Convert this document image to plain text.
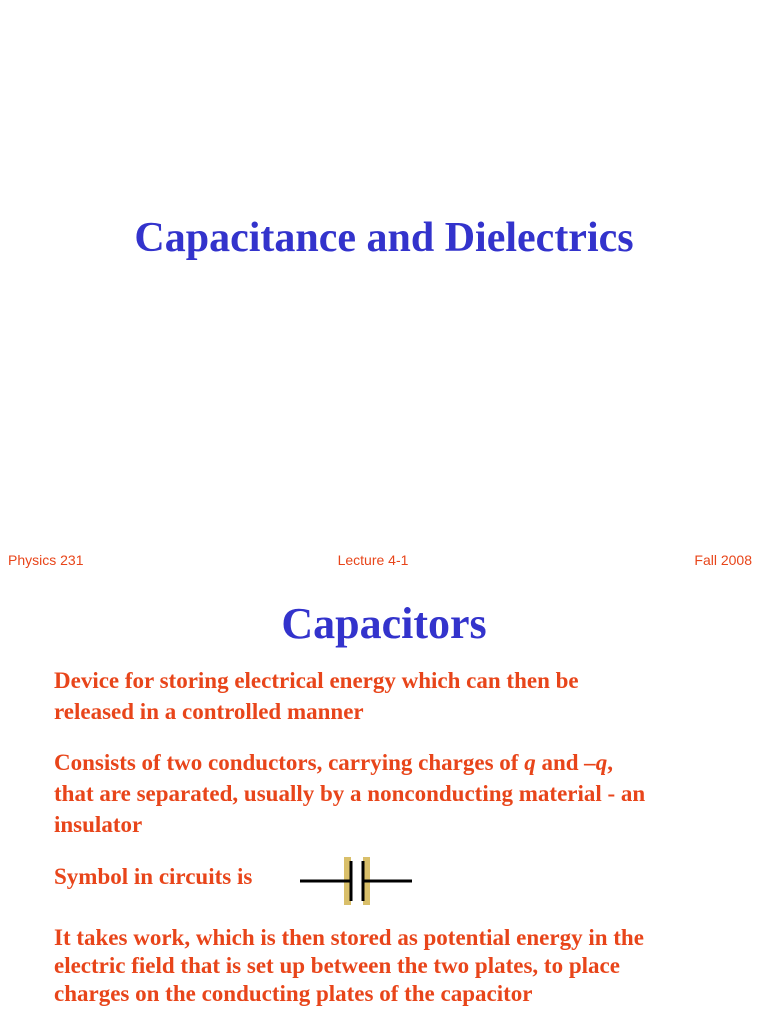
Capacitance and Dielectrics
Physics 231	Lecture 4-1	Fall 2008
Capacitors

Device for storing electrical energy which can then be
released in a controlled manner

Consists of two conductors, carrying charges of q and –q,
that are separated, usually by a nonconducting material - an
insulator

Symbol in circuits is

It takes work, which is then stored as potential energy in the
electric field that is set up between the two plates, to place
charges on the conducting plates of the capacitor
